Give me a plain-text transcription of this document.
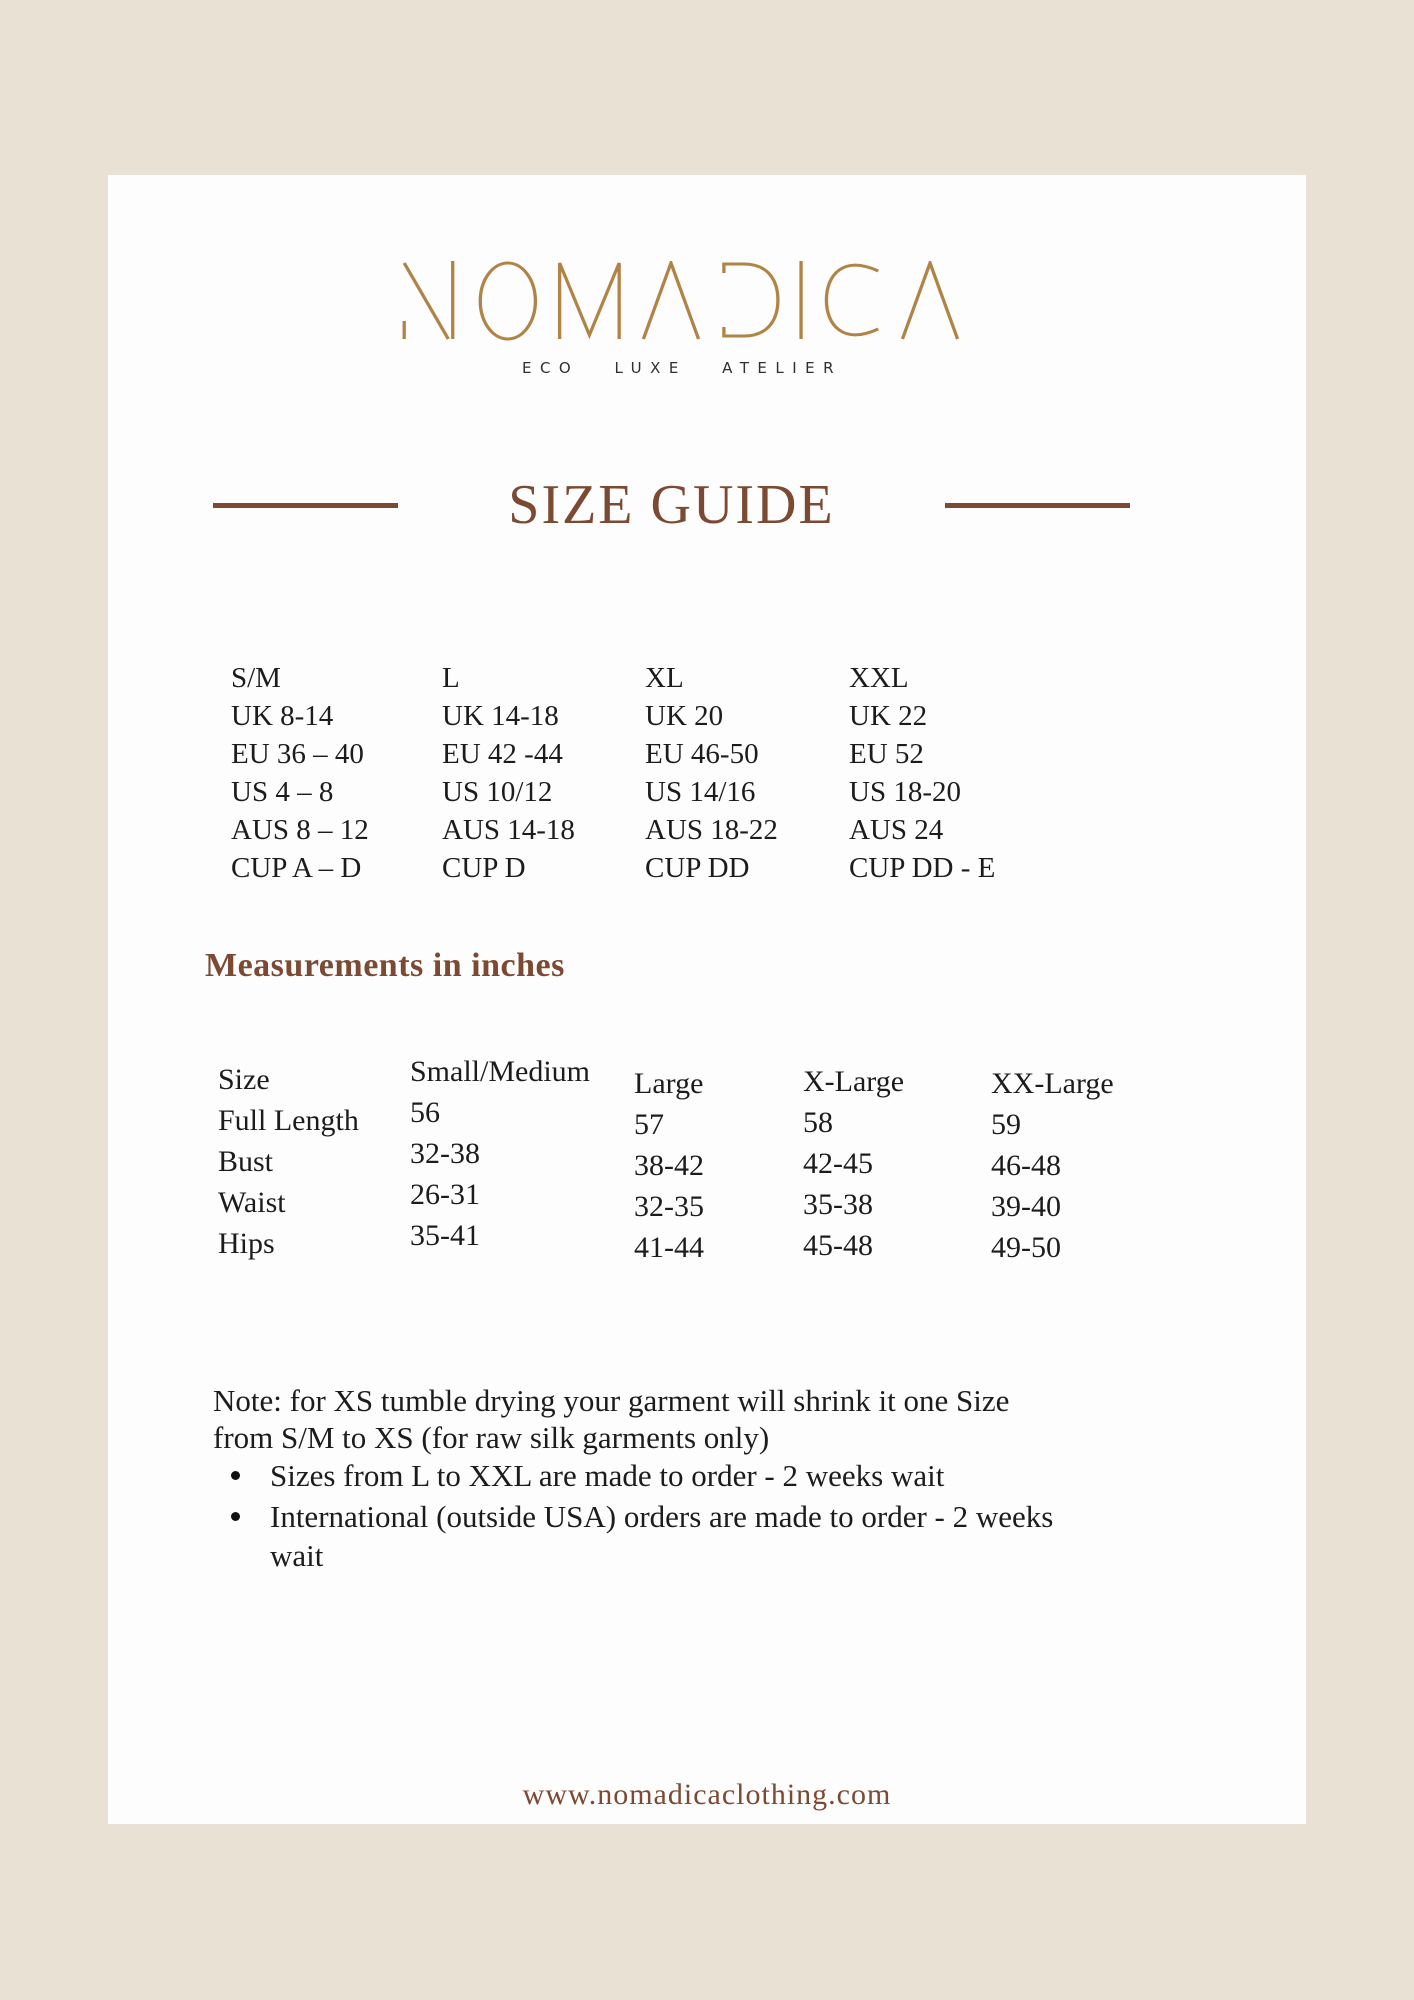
ECO LUXE ATELIER
SIZE GUIDE
S/M
UK 8-14
EU 36 – 40
US 4 – 8
AUS 8 – 12
CUP A – D
L
UK 14-18
EU 42 -44
US 10/12
AUS 14-18
CUP D
XL
UK 20
EU 46-50
US 14/16
AUS 18-22
CUP DD
XXL
UK 22
EU 52
US 18-20
AUS 24
CUP DD - E
Measurements in inches
Size
Full Length
Bust
Waist
Hips
Small/Medium
56
32-38
26-31
35-41
Large
57
38-42
32-35
41-44
X-Large
58
42-45
35-38
45-48
XX-Large
59
46-48
39-40
49-50
Note: for XS tumble drying your garment will shrink it one Size
from S/M to XS (for raw silk garments only)
Sizes from L to XXL are made to order - 2 weeks wait
International (outside USA) orders are made to order - 2 weeks
wait
www.nomadicaclothing.com
